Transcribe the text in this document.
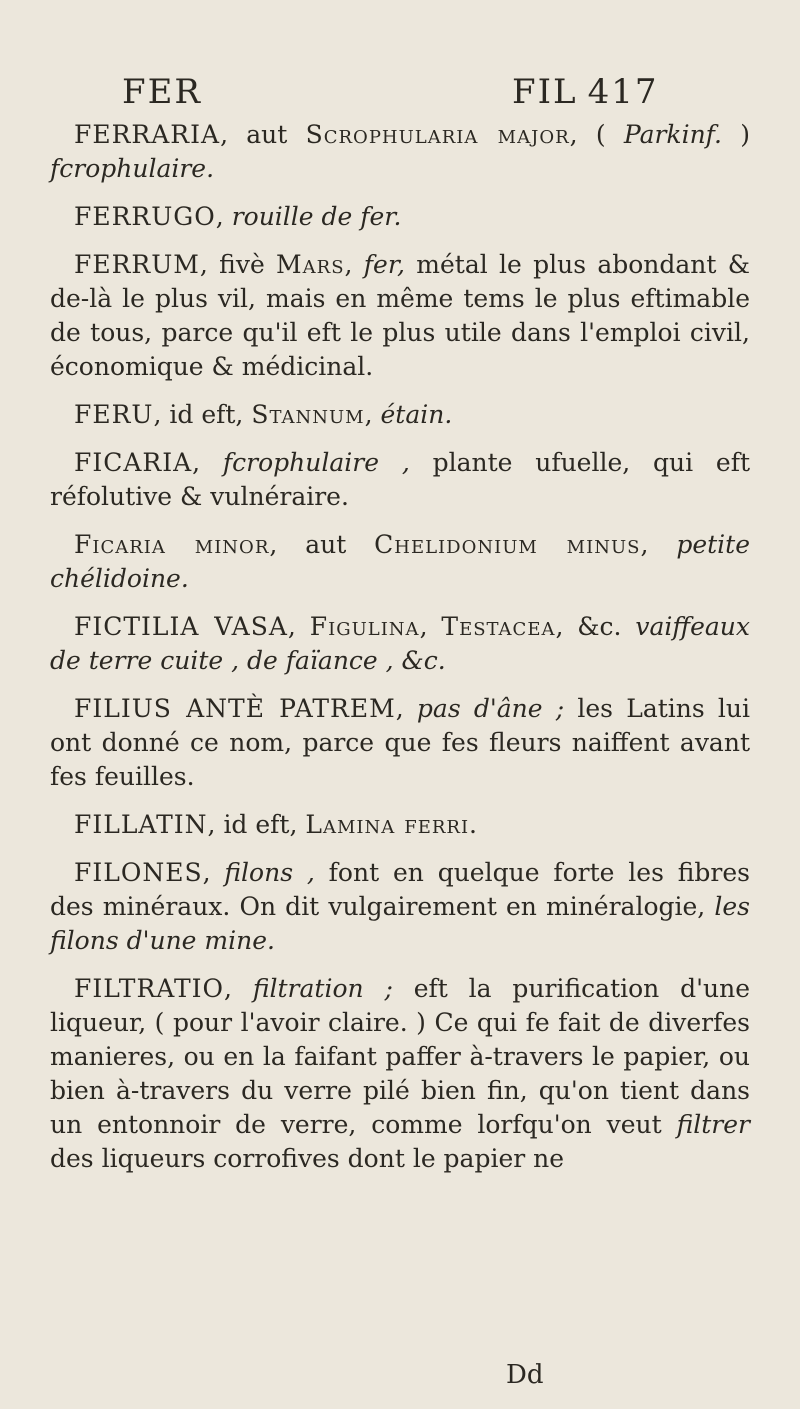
FER	FIL 417

FERRARIA, aut Scrophularia major, ( Parkinf. ) fcrophulaire.

FERRUGO, rouille de fer.

FERRUM, fivè Mars, fer, métal le plus abondant & de-là le plus vil, mais en même tems le plus eftimable de tous, parce qu'il eft le plus utile dans l'emploi civil, économique & médicinal.

FERU, id eft, Stannum, étain.

FICARIA, fcrophulaire , plante ufuelle, qui eft réfolutive & vulnéraire.

Ficaria minor, aut Chelidonium minus, petite chélidoine.

FICTILIA VASA, Figulina, Testacea, &c. vaiffeaux de terre cuite , de faïance , &c.

FILIUS ANTÈ PATREM, pas d'âne ; les Latins lui ont donné ce nom, parce que fes fleurs naiffent avant fes feuilles.

FILLATIN, id eft, Lamina ferri.

FILONES, filons , font en quelque forte les fibres des minéraux. On dit vulgairement en minéralogie, les filons d'une mine.

FILTRATIO, filtration ; eft la purification d'une liqueur, ( pour l'avoir claire. ) Ce qui fe fait de diverfes manieres, ou en la faifant paffer à-travers le papier, ou bien à-travers du verre pilé bien fin, qu'on tient dans un entonnoir de verre, comme lorfqu'on veut filtrer des liqueurs corrofives dont le papier ne

Dd
